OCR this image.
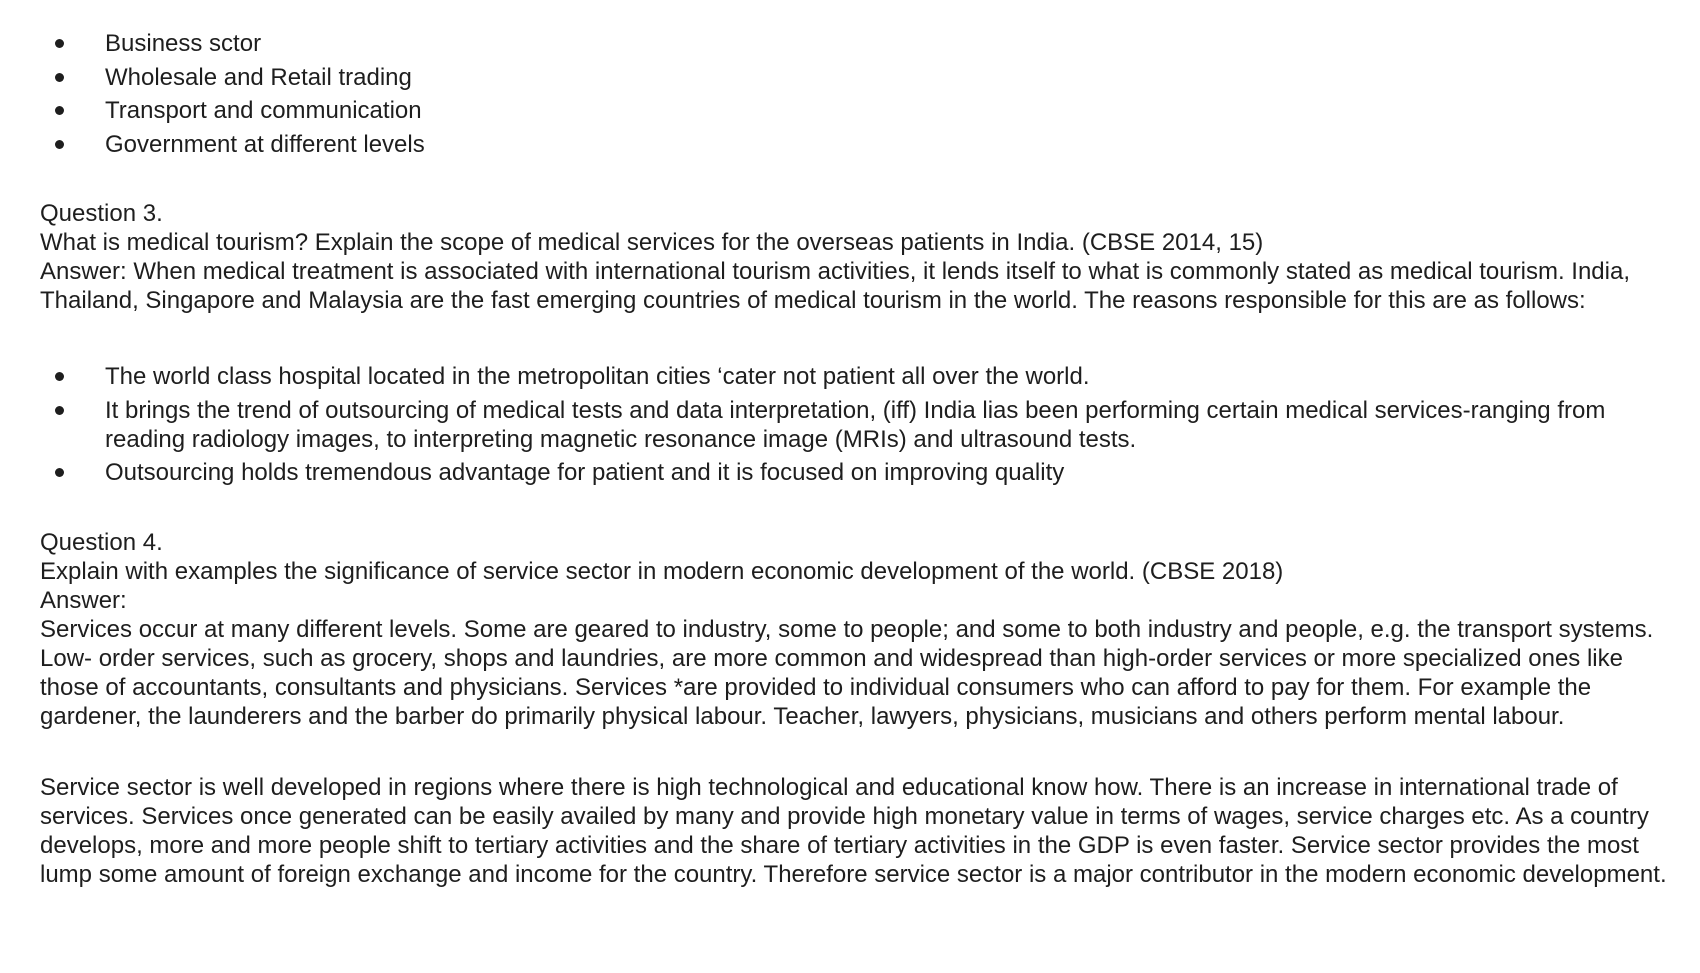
Business sctor
Wholesale and Retail trading
Transport and communication
Government at different levels

Question 3.

What is medical tourism? Explain the scope of medical services for the overseas patients in India. (CBSE 2014, 15)

Answer: When medical treatment is associated with international tourism activities, it lends itself to what is commonly stated as medical tourism. India, Thailand, Singapore and Malaysia are the fast emerging countries of medical tourism in the world. The reasons responsible for this are as follows:

The world class hospital located in the metropolitan cities ‘cater not patient all over the world.
It brings the trend of outsourcing of medical tests and data interpretation, (iff) India lias been performing certain medical services-ranging from reading radiology images, to interpreting magnetic resonance image (MRIs) and ultrasound tests.
Outsourcing holds tremendous advantage for patient and it is focused on improving quality

Question 4.

Explain with examples the significance of service sector in modern economic development of the world. (CBSE 2018)

Answer:

Services occur at many different levels. Some are geared to industry, some to people; and some to both industry and people, e.g. the transport systems. Low- order services, such as grocery, shops and laundries, are more common and widespread than high-order services or more specialized ones like those of accountants, consultants and physicians. Services *are provided to individual consumers who can afford to pay for them. For example the gardener, the launderers and the barber do primarily physical labour. Teacher, lawyers, physicians, musicians and others perform mental labour.

Service sector is well developed in regions where there is high technological and educational know how. There is an increase in international trade of services. Services once generated can be easily availed by many and provide high monetary value in terms of wages, service charges etc. As a country develops, more and more people shift to tertiary activities and the share of tertiary activities in the GDP is even faster. Service sector provides the most lump some amount of foreign exchange and income for the country. Therefore service sector is a major contributor in the modern economic development.
